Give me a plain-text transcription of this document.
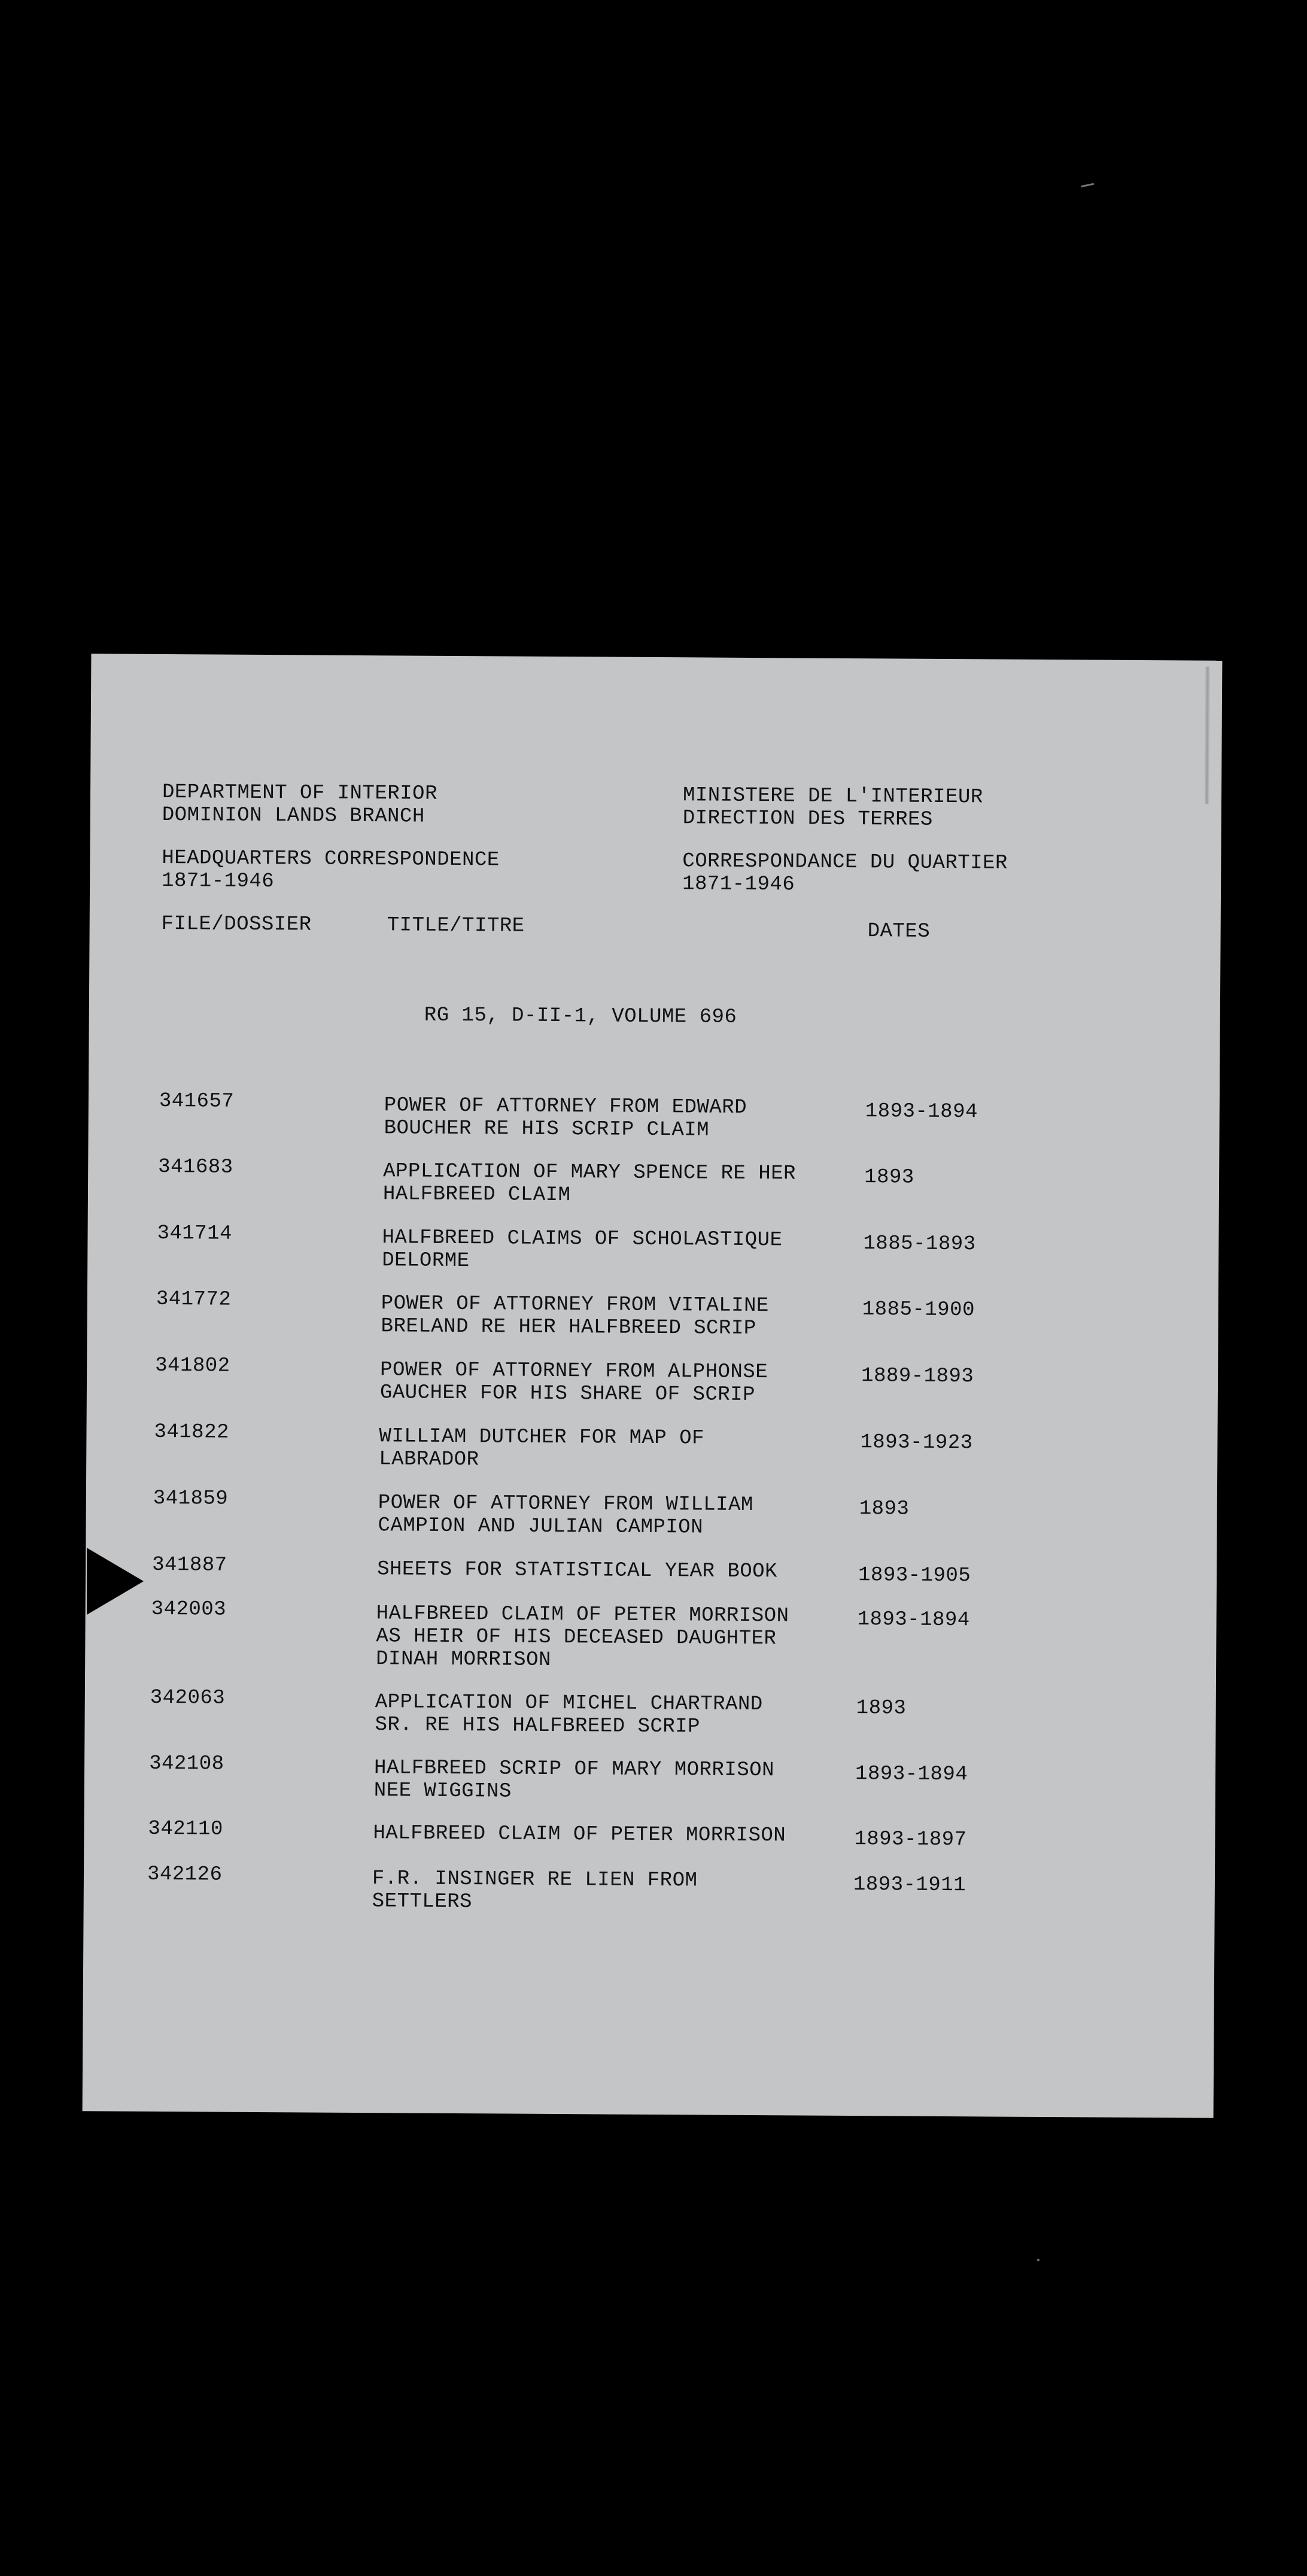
DEPARTMENT OF INTERIOR
DOMINION LANDS BRANCH
MINISTERE DE L'INTERIEUR
DIRECTION DES TERRES
HEADQUARTERS CORRESPONDENCE
1871-1946
CORRESPONDANCE DU QUARTIER
1871-1946
FILE/DOSSIER	TITLE/TITRE	DATES
RG 15, D-II-1, VOLUME 696
341657	POWER OF ATTORNEY FROM EDWARD
BOUCHER RE HIS SCRIP CLAIM
1893-1894
341683	APPLICATION OF MARY SPENCE RE HER
HALFBREED CLAIM
1893
341714	HALFBREED CLAIMS OF SCHOLASTIQUE
DELORME
1885-1893
341772	POWER OF ATTORNEY FROM VITALINE
BRELAND RE HER HALFBREED SCRIP
1885-1900
341802	POWER OF ATTORNEY FROM ALPHONSE
GAUCHER FOR HIS SHARE OF SCRIP
1889-1893
341822	WILLIAM DUTCHER FOR MAP OF
LABRADOR
1893-1923
341859	POWER OF ATTORNEY FROM WILLIAM
CAMPION AND JULIAN CAMPION
1893
341887	SHEETS FOR STATISTICAL YEAR BOOK	1893-1905
342003	HALFBREED CLAIM OF PETER MORRISON
AS HEIR OF HIS DECEASED DAUGHTER
DINAH MORRISON
1893-1894
342063	APPLICATION OF MICHEL CHARTRAND
SR. RE HIS HALFBREED SCRIP
1893
342108	HALFBREED SCRIP OF MARY MORRISON
NEE WIGGINS
1893-1894
342110	HALFBREED CLAIM OF PETER MORRISON	1893-1897
342126	F.R. INSINGER RE LIEN FROM
SETTLERS
1893-1911
